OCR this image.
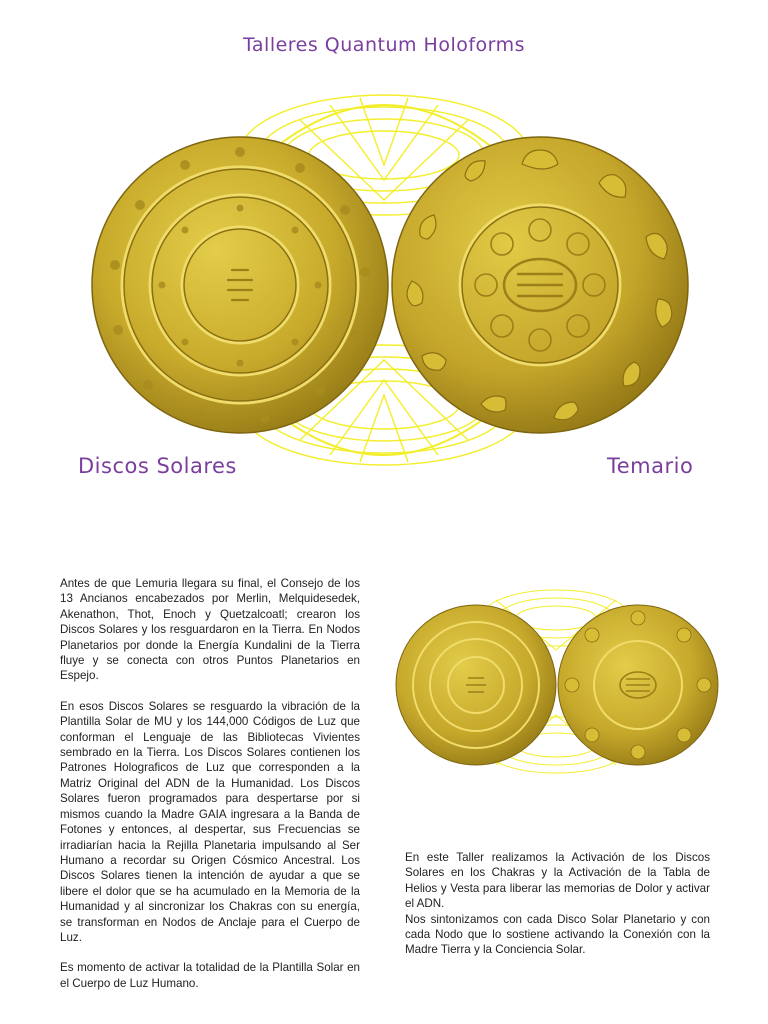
Talleres Quantum Holoforms
Discos Solares	Temario

Antes de que Lemuria llegara su final, el Consejo de los 13 Ancianos encabezados por Merlin, Melquidesedek, Akenathon, Thot, Enoch y Quetzalcoatl; crearon los Discos Solares y los resguardaron en la Tierra. En Nodos Planetarios por donde la Energía Kundalini de la Tierra fluye y se conecta con otros Puntos Planetarios en Espejo.

En esos Discos Solares se resguardo la vibración de la Plantilla Solar de MU y los 144,000 Códigos de Luz que conforman el Lenguaje de las Bibliotecas Vivientes sembrado en la Tierra. Los Discos Solares contienen los Patrones Holograficos de Luz que corresponden a la Matriz Original del ADN de la Humanidad. Los Discos Solares fueron programados para despertarse por si mismos cuando la Madre GAIA ingresara a la Banda de Fotones y entonces, al despertar, sus Frecuencias se irradiarían hacia la Rejilla Planetaria impulsando al Ser Humano a recordar su Origen Cósmico Ancestral. Los Discos Solares tienen la intención de ayudar a que se libere el dolor que se ha acumulado en la Memoria de la Humanidad y al sincronizar los Chakras con su energía, se transforman en Nodos de Anclaje para el Cuerpo de Luz.

Es momento de activar la totalidad de la Plantilla Solar en el Cuerpo de Luz Humano.

En este Taller realizamos la Activación de los Discos Solares en los Chakras y la Activación de la Tabla de Helios y Vesta para liberar las memorias de Dolor y activar el ADN.

Nos sintonizamos con cada Disco Solar Planetario y con cada Nodo que lo sostiene activando la Conexión con la Madre Tierra y la Conciencia Solar.
